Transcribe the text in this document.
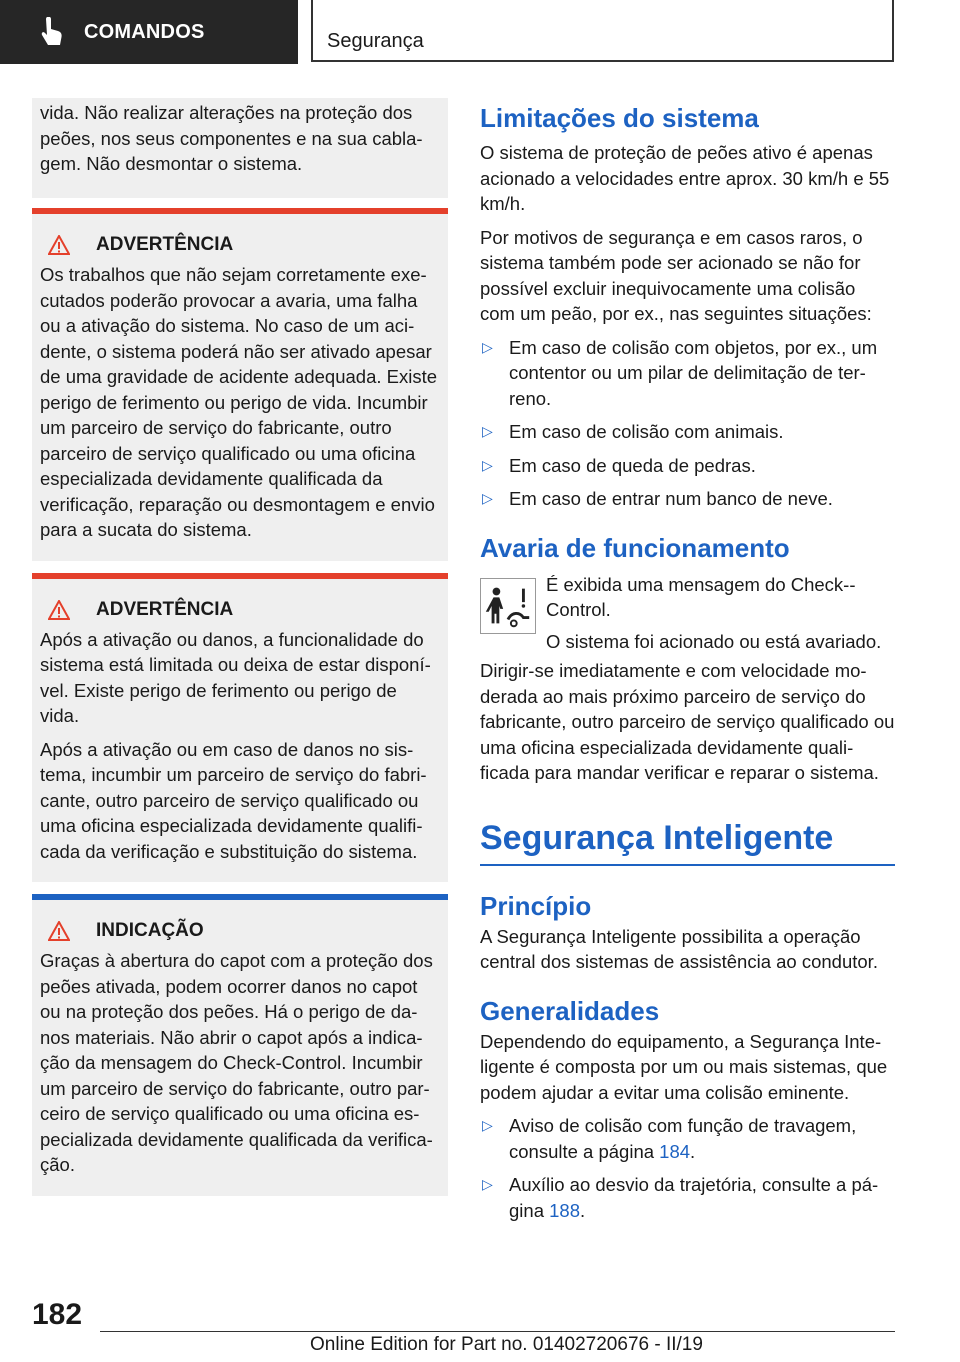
COMANDOS	Segurança

vida. Não realizar alterações na proteção dos peões, nos seus componentes e na sua cabla‐gem. Não desmontar o sistema.

ADVERTÊNCIA

Os trabalhos que não sejam corretamente exe‐cutados poderão provocar a avaria, uma falha ou a ativação do sistema. No caso de um aci‐dente, o sistema poderá não ser ativado apesar de uma gravidade de acidente adequada. Existe perigo de ferimento ou perigo de vida. Incumbir um parceiro de serviço do fabricante, outro parceiro de serviço qualificado ou uma oficina especializada devidamente qualificada da verificação, reparação ou desmontagem e envio para a sucata do sistema.

ADVERTÊNCIA

Após a ativação ou danos, a funcionalidade do sistema está limitada ou deixa de estar disponí‐vel. Existe perigo de ferimento ou perigo de vida.

Após a ativação ou em caso de danos no sis‐tema, incumbir um parceiro de serviço do fabri‐cante, outro parceiro de serviço qualificado ou uma oficina especializada devidamente qualifi‐cada da verificação e substituição do sistema.

INDICAÇÃO

Graças à abertura do capot com a proteção dos peões ativada, podem ocorrer danos no capot ou na proteção dos peões. Há o perigo de da‐nos materiais. Não abrir o capot após a indica‐ção da mensagem do Check-Control. Incumbir um parceiro de serviço do fabricante, outro par‐ceiro de serviço qualificado ou uma oficina es‐pecializada devidamente qualificada da verifica‐ção.

Limitações do sistema

O sistema de proteção de peões ativo é apenas acionado a velocidades entre aprox. 30 km/h e 55 km/h.

Por motivos de segurança e em casos raros, o sistema também pode ser acionado se não for possível excluir inequivocamente uma colisão com um peão, por ex., nas seguintes situações:

▷ Em caso de colisão com objetos, por ex., um contentor ou um pilar de delimitação de ter‐reno.
▷ Em caso de colisão com animais.
▷ Em caso de queda de pedras.
▷ Em caso de entrar num banco de neve.
Avaria de funcionamento

É exibida uma mensagem do Check-‐Control.

O sistema foi acionado ou está avariado.

Dirigir-se imediatamente e com velocidade mo‐derada ao mais próximo parceiro de serviço do fabricante, outro parceiro de serviço qualificado ou uma oficina especializada devidamente quali‐ficada para mandar verificar e reparar o sistema.

Segurança Inteligente
Princípio

A Segurança Inteligente possibilita a operação central dos sistemas de assistência ao condutor.

Generalidades

Dependendo do equipamento, a Segurança Inte‐ligente é composta por um ou mais sistemas, que podem ajudar a evitar uma colisão eminente.

▷ Aviso de colisão com função de travagem, consulte a página 184.
▷ Auxílio ao desvio da trajetória, consulte a pá‐gina 188.
182
Online Edition for Part no. 01402720676 - II/19
